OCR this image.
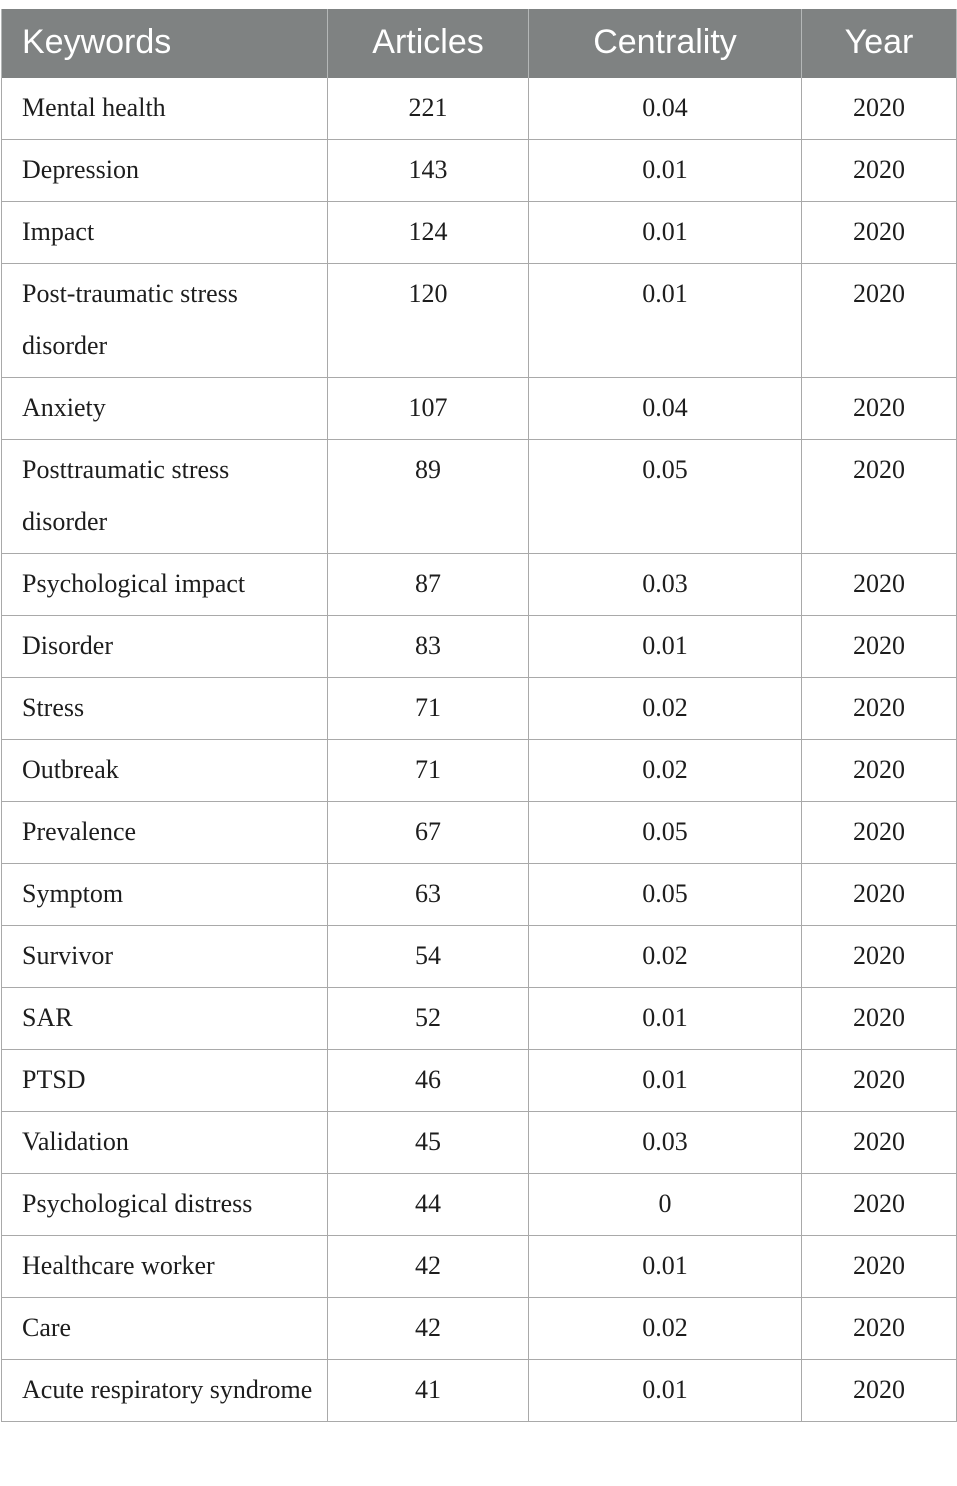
Keywords	Articles	Centrality	Year
Mental health	221	0.04	2020
Depression	143	0.01	2020
Impact	124	0.01	2020
Post-traumatic stress disorder	120	0.01	2020
Anxiety	107	0.04	2020
Posttraumatic stress disorder	89	0.05	2020
Psychological impact	87	0.03	2020
Disorder	83	0.01	2020
Stress	71	0.02	2020
Outbreak	71	0.02	2020
Prevalence	67	0.05	2020
Symptom	63	0.05	2020
Survivor	54	0.02	2020
SAR	52	0.01	2020
PTSD	46	0.01	2020
Validation	45	0.03	2020
Psychological distress	44	0	2020
Healthcare worker	42	0.01	2020
Care	42	0.02	2020
Acute respiratory syndrome	41	0.01	2020
